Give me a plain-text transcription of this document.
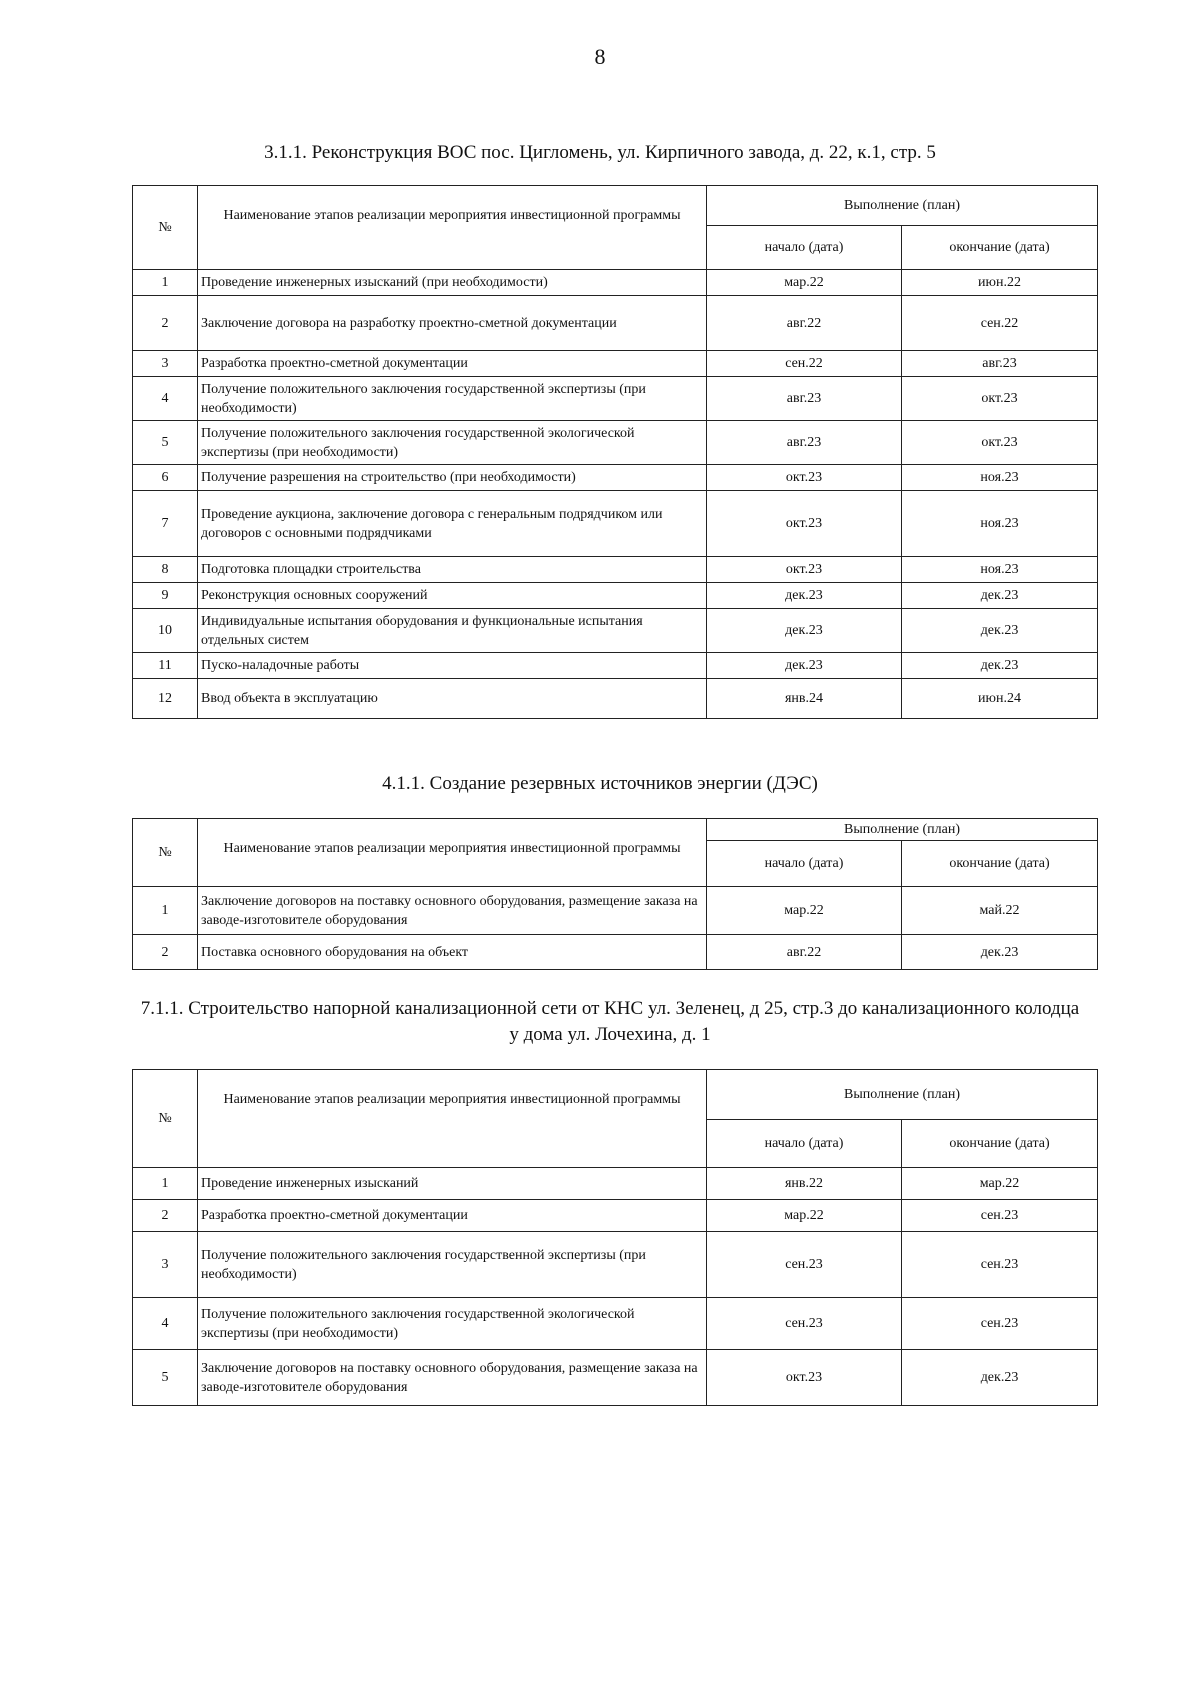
8
3.1.1. Реконструкция ВОС пос. Цигломень, ул. Кирпичного завода, д. 22, к.1, стр. 5
№	Наименование этапов реализации мероприятия инвестиционной программы	Выполнение (план)	
		начало (дата)	окончание (дата)
1	Проведение инженерных изысканий (при необходимости)	мар.22	июн.22
2	Заключение договора на разработку проектно-сметной документации	авг.22	сен.22
3	Разработка проектно-сметной документации	сен.22	авг.23
4	Получение положительного заключения государственной экспертизы (при необходимости)	авг.23	окт.23
5	Получение положительного заключения государственной экологической экспертизы (при необходимости)	авг.23	окт.23
6	Получение разрешения на строительство (при необходимости)	окт.23	ноя.23
7	Проведение аукциона, заключение договора с генеральным подрядчиком или договоров с основными подрядчиками	окт.23	ноя.23
8	Подготовка площадки строительства	окт.23	ноя.23
9	Реконструкция основных сооружений	дек.23	дек.23
10	Индивидуальные испытания оборудования и функциональные испытания отдельных систем	дек.23	дек.23
11	Пуско-наладочные работы	дек.23	дек.23
12	Ввод объекта в эксплуатацию	янв.24	июн.24
4.1.1. Создание резервных источников энергии (ДЭС)
№	Наименование этапов реализации мероприятия инвестиционной программы	Выполнение (план)	
		начало (дата)	окончание (дата)
1	Заключение договоров на поставку основного оборудования, размещение заказа на заводе-изготовителе оборудования	мар.22	май.22
2	Поставка основного оборудования на объект	авг.22	дек.23
7.1.1. Строительство напорной канализационной сети от КНС ул. Зеленец, д 25, стр.3 до канализационного колодца у дома ул. Лочехина, д. 1
№	Наименование этапов реализации мероприятия инвестиционной программы	Выполнение (план)	
		начало (дата)	окончание (дата)
1	Проведение инженерных изысканий	янв.22	мар.22
2	Разработка проектно-сметной документации	мар.22	сен.23
3	Получение положительного заключения государственной экспертизы (при необходимости)	сен.23	сен.23
4	Получение положительного заключения государственной экологической экспертизы (при необходимости)	сен.23	сен.23
5	Заключение договоров на поставку основного оборудования, размещение заказа на заводе-изготовителе оборудования	окт.23	дек.23
